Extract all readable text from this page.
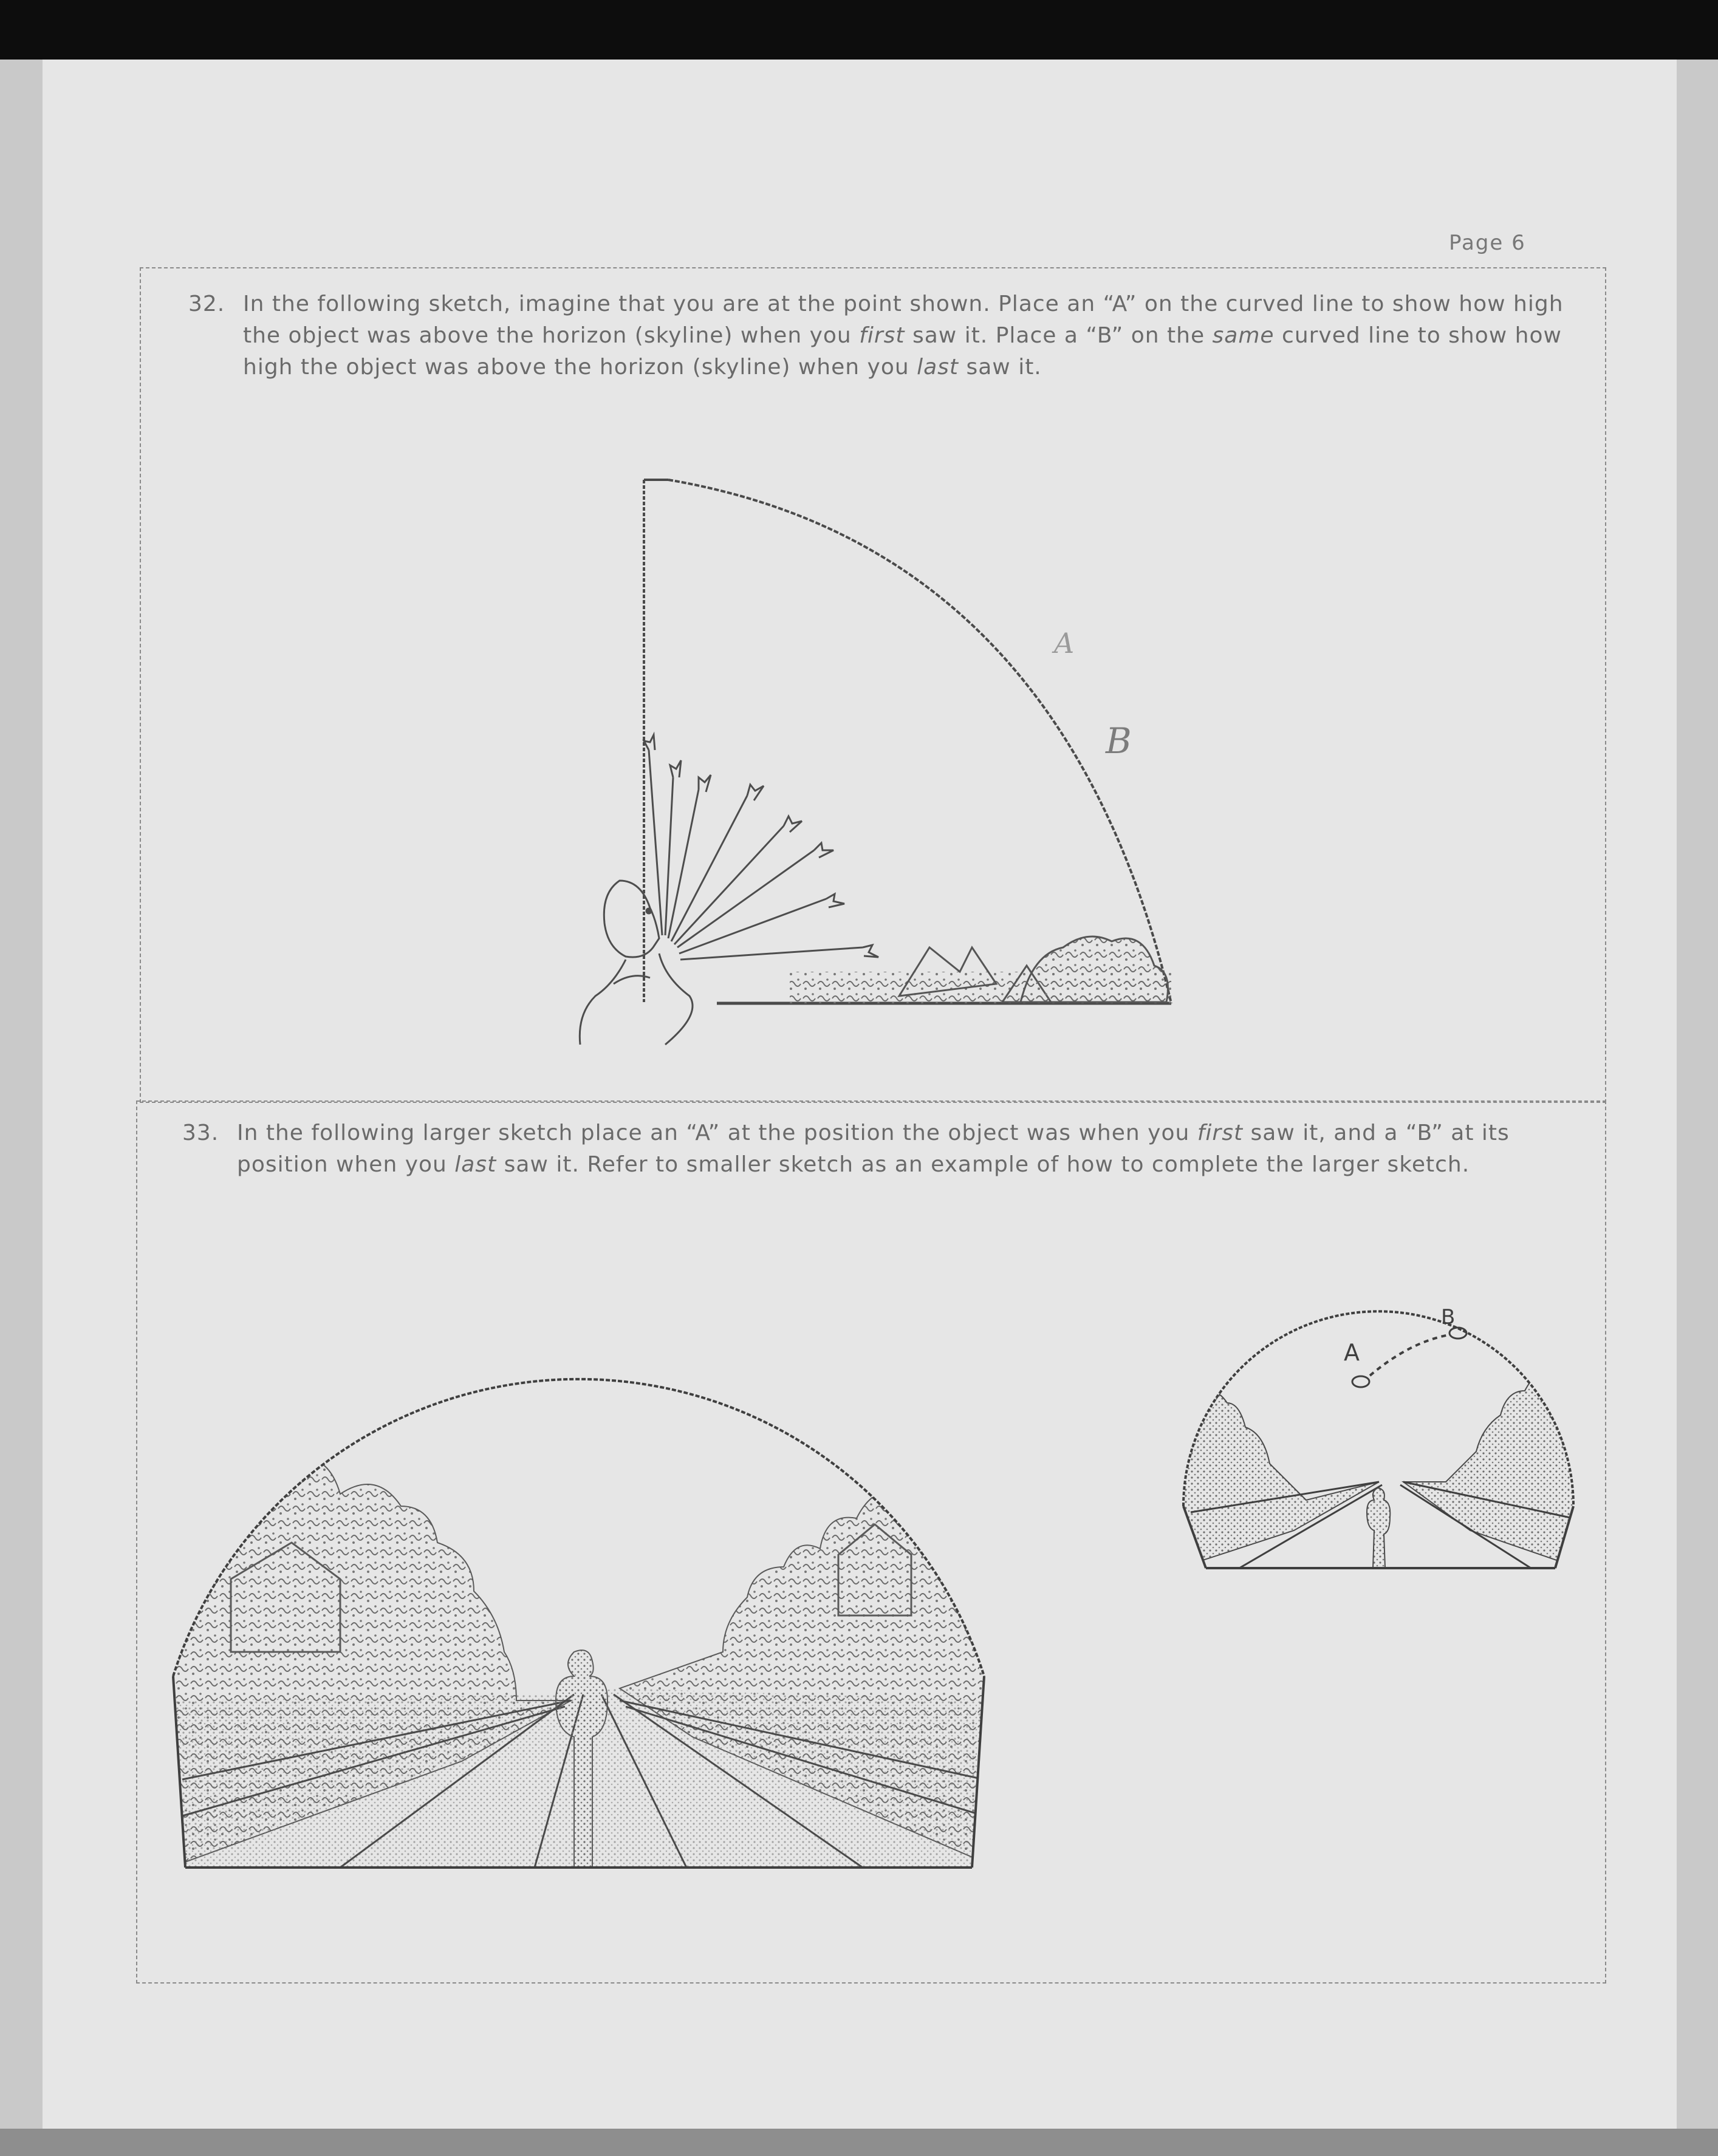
Page 6
32. In the following sketch, imagine that you are at the point shown. Place an “A” on the curved line to show how high the object was above the horizon (skyline) when you first saw it. Place a “B” on the same curved line to show how high the object was above the horizon (skyline) when you last saw it.
33. In the following larger sketch place an “A” at the position the object was when you first saw it, and a “B” at its position when you last saw it. Refer to smaller sketch as an example of how to complete the larger sketch.
A
B
A
B
